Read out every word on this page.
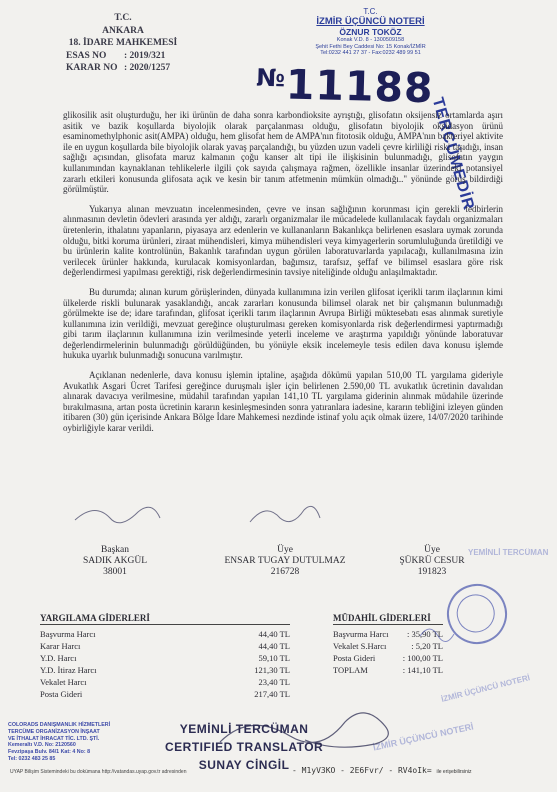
T.C.
ANKARA
18. İDARE MAHKEMESİ
ESAS NO : 2019/321
KARAR NO : 2020/1257
T.C.
İZMİR ÜÇÜNCÜ NOTERİ
ÖZNUR TOKÖZ
Konak V.D. 8 - 1300509158
Şehit Fethi Bey Caddesi No: 15 Konak/İZMİR
Tel:0232 441 27 37 - Fax:0232 489 99 51
№11188
TERCÜMEDİR
YEMİNLİ TERCÜMAN
İZMİR ÜÇÜNCÜ NOTERİ
İZMİR ÜÇÜNCÜ NOTERİ

glikosilik asit oluşturduğu, her iki ürünün de daha sonra karbondioksite ayrıştığı, glisofatın oksijensiz ortamlarda aşırı asitik ve bazik koşullarda biyolojik olarak parçalanması olduğu, glisofatın biyolojik oksidasyon ürünü esaminomethylphonic asit(AMPA) olduğu, hem glisofat hem de AMPA'nın fitotosik olduğu, AMPA'nın bakteriyel aktivite ile en uygun koşullarda bile biyolojik olarak yavaş parçalandığı, bu yüzden uzun vadeli çevre kirliliği riski taşıdığı, insan sağlığı açısından, glisofata maruz kalmanın çoğu kanser alt tipi ile ilişkisinin bulunmadığı, glisofatın yaygın kullanımından kaynaklanan tehlikelerle ilgili çok sayıda çalışmaya rağmen, özellikle insanlar üzerindeki potansiyel zararlı etkileri konusunda glifosata açık ve kesin bir tanım atfetmenin mümkün olmadığı.." yönünde görüş bildirdiği görülmüştür.

Yukarıya alınan mevzuatın incelenmesinden, çevre ve insan sağlığının korunması için gerekli tedbirlerin alınmasının devletin ödevleri arasında yer aldığı, zararlı organizmalar ile mücadelede kullanılacak faydalı organizmaları üretenlerin, ithalatını yapanların, piyasaya arz edenlerin ve kullananların Bakanlıkça belirlenen esaslara uymak zorunda olduğu, bitki koruma ürünleri, ziraat mühendisleri, kimya mühendisleri veya kimyagerlerin sorumluluğunda üretildiği ve bu ürünlerin kalite kontrolünün, Bakanlık tarafından uygun görülen laboratuvarlarda yapılacağı, kullanılmasına izin verilecek ürünler hakkında, kurulacak komisyonlardan, bağımsız, tarafsız, şeffaf ve bilimsel esaslara göre risk değerlendirmesi yapılması gerektiği, risk değerlendirmesinin tavsiye niteliğinde olduğu anlaşılmaktadır.

Bu durumda; alınan kurum görüşlerinden, dünyada kullanımına izin verilen glifosat içerikli tarım ilaçlarının kimi ülkelerde riskli bulunarak yasaklandığı, ancak zararları konusunda bilimsel olarak net bir çalışmanın bulunmadığı görülmekte ise de; idare tarafından, glifosat içerikli tarım ilaçlarının Avrupa Birliği müktesebatı esas alınmak suretiyle kullanımına izin verildiği, mevzuat gereğince oluşturulması gereken komisyonlarda risk değerlendirmesi yaptırmadığı gibi tarım ilaçlarının kullanımına izin verilmesinde yeterli inceleme ve araştırma yapıldığı yönünde laboratuvar değerlendirmelerinin bulunmadığı görüldüğünden, bu yönüyle eksik incelemeyle tesis edilen dava konusu işlemde hukuka uyarlık bulunmadığı sonucuna varılmıştır.

Açıklanan nedenlerle, dava konusu işlemin iptaline, aşağıda dökümü yapılan 510,00 TL yargılama gideriyle Avukatlık Asgari Ücret Tarifesi gereğince duruşmalı işler için belirlenen 2.590,00 TL avukatlık ücretinin davalıdan alınarak davacıya verilmesine, müdahil tarafından yapılan 141,10 TL yargılama giderinin alınmak müdahile üzerinde bırakılmasına, artan posta ücretinin kararın kesinleşmesinden sonra yatıranlara iadesine, kararın tebliğini izleyen günden itibaren (30) gün içerisinde Ankara Bölge İdare Mahkemesi nezdinde istinaf yolu açık olmak üzere, 14/07/2020 tarihinde oybirliğiyle karar verildi.

Başkan
SADIK AKGÜL
38001
Üye
ENSAR TUGAY DUTULMAZ
216728
Üye
ŞÜKRÜ CESUR
191823
YARGILAMA GİDERLERİ
Başvurma Harcı	44,40 TL
Karar Harcı	44,40 TL
Y.D. Harcı	59,10 TL
Y.D. İtiraz Harcı	121,30 TL
Vekalet Harcı	23,40 TL
Posta Gideri	217,40 TL
MÜDAHİL GİDERLERİ
Başvurma Harcı : 35,90 TL
Vekalet S.Harcı	: 5,20 TL
Posta Gideri	: 100,00 TL
TOPLAM	: 141,10 TL
YEMİNLİ TERCÜMAN
CERTIFIED TRANSLATOR
SUNAY CİNGİL
COLORADS DANIŞMANLIK HİZMETLERİ
TERCÜME ORGANİZASYON İNŞAAT
VE İTHALAT İHRACAT TİC. LTD. ŞTİ.
Kemeraltı V.D. No: 2120560
Fevzipaşa Bulv. 84/1 Kat: 4 No: 8
Tel: 0232 483 25 85
UYAP Bilişim Sistemindeki bu dokümana http://vatandas.uyap.gov.tr adresinden	- M1yV3KO - 2E6Fvr/ - RV4oIk= ile erişebilirsiniz
